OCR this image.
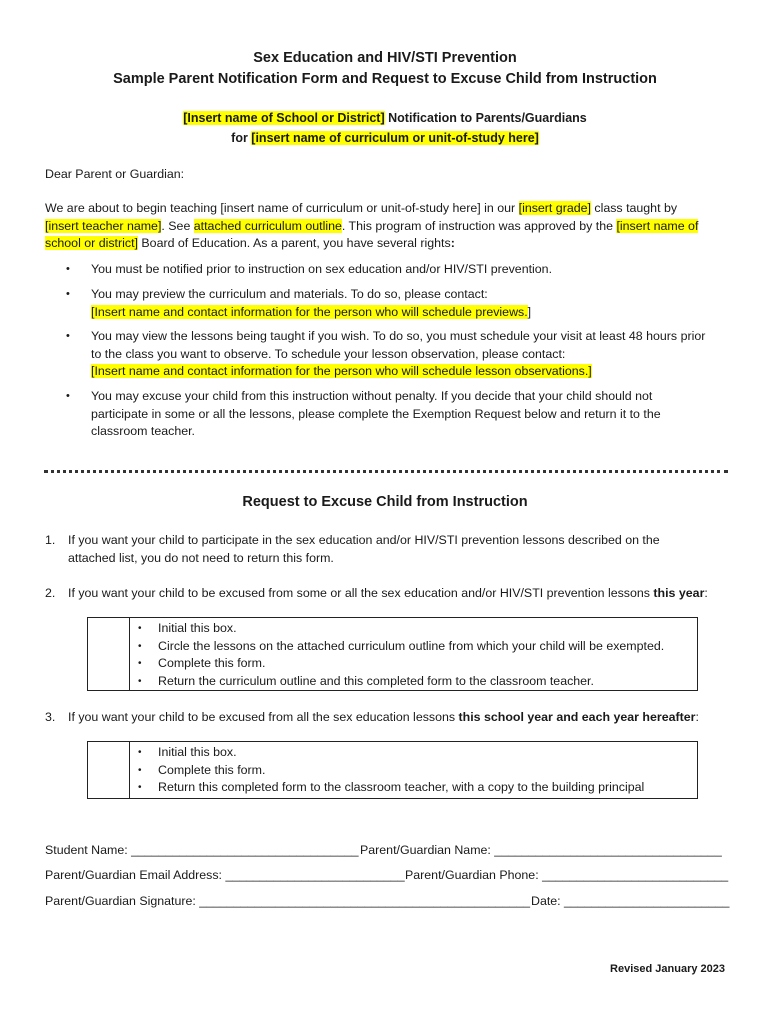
Sex Education and HIV/STI Prevention
Sample Parent Notification Form and Request to Excuse Child from Instruction
[Insert name of School or District] Notification to Parents/Guardians
for [insert name of curriculum or unit-of-study here]
Dear Parent or Guardian:
We are about to begin teaching [insert name of curriculum or unit-of-study here] in our [insert grade] class taught by
[insert teacher name]. See attached curriculum outline. This program of instruction was approved by the [insert name of
school or district] Board of Education. As a parent, you have several rights:
• You must be notified prior to instruction on sex education and/or HIV/STI prevention.
• You may preview the curriculum and materials. To do so, please contact:
[Insert name and contact information for the person who will schedule previews.]
• You may view the lessons being taught if you wish. To do so, you must schedule your visit at least 48 hours prior
to the class you want to observe. To schedule your lesson observation, please contact:
[Insert name and contact information for the person who will schedule lesson observations.]
• You may excuse your child from this instruction without penalty. If you decide that your child should not
participate in some or all the lessons, please complete the Exemption Request below and return it to the
classroom teacher.
Request to Excuse Child from Instruction
1. If you want your child to participate in the sex education and/or HIV/STI prevention lessons described on the
attached list, you do not need to return this form.
2. If you want your child to be excused from some or all the sex education and/or HIV/STI prevention lessons this year:
• Initial this box.
• Circle the lessons on the attached curriculum outline from which your child will be exempted.
• Complete this form.
• Return the curriculum outline and this completed form to the classroom teacher.
3. If you want your child to be excused from all the sex education lessons this school year and each year hereafter:
• Initial this box.
• Complete this form.
• Return this completed form to the classroom teacher, with a copy to the building principal
Student Name: _________________________________ Parent/Guardian Name: _________________________________
Parent/Guardian Email Address: __________________________ Parent/Guardian Phone: ___________________________
Parent/Guardian Signature: ________________________________________________ Date: ________________________
Revised January 2023
